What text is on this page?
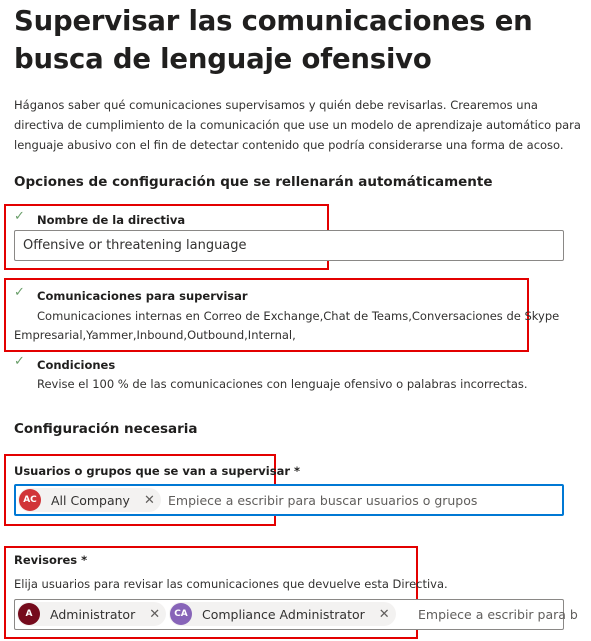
Supervisar las comunicaciones en busca de lenguaje ofensivo
Háganos saber qué comunicaciones supervisamos y quién debe revisarlas. Crearemos una directiva de cumplimiento de la comunicación que use un modelo de aprendizaje automático para lenguaje abusivo con el fin de detectar contenido que podría considerarse una forma de acoso.
Opciones de configuración que se rellenarán automáticamente
✓ Nombre de la directiva
Offensive or threatening language
✓ Comunicaciones para supervisar
Comunicaciones internas en Correo de Exchange,Chat de Teams,Conversaciones de Skype
Empresarial,Yammer,Inbound,Outbound,Internal,
✓ Condiciones
Revise el 100 % de las comunicaciones con lenguaje ofensivo o palabras incorrectas.
Configuración necesaria
Usuarios o grupos que se van a supervisar *
AC	All Company ✕ Empiece a escribir para buscar usuarios o grupos
Revisores *
Elija usuarios para revisar las comunicaciones que devuelve esta Directiva.
A	Administrator ✕	CA	Compliance Administrator ✕ Empiece a escribir para b
